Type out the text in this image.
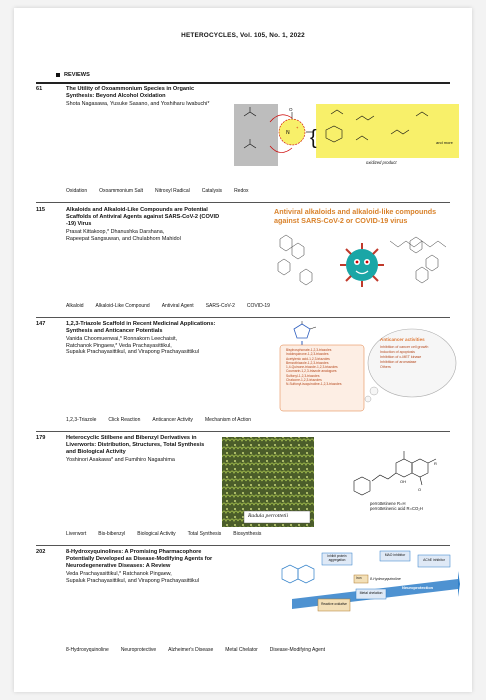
HETEROCYCLES, Vol. 105, No. 1, 2022
REVIEWS
61	The Utility of Oxoammonium Species in Organic
Synthesis: Beyond Alcohol Oxidation
Shota Nagasawa, Yusuke Sasano, and Yoshiharu Iwabuchi*
N
+
O
{
oxidized product
and more
Oxidation Oxoammonium Salt Nitroxyl Radical Catalysis Redox
115	Alkaloids and Alkaloid-Like Compounds are Potential
Scaffolds of Antiviral Agents against SARS-CoV-2 (COVID
-19) Virus
Prasat Kittakoop,* Dhanushka Darshana,
Rapeepat Sangsuwan, and Chulabhorn Mahidol
Antiviral alkaloids and alkaloid-like compounds
against SARS-CoV-2 or COVID-19 virus
Alkaloid Alkaloid-Like Compound Antiviral Agent SARS-CoV-2 COVID-19
147	1,2,3-Triazole Scaffold in Recent Medicinal Applications:
Synthesis and Anticancer Potentials
Vanida Choomuenwai,* Ronnakorn Leechaisit,
Ratchanok Pingaew,* Veda Prachayasittikul,
Supaluk Prachayasittikul, and Virapong Prachayasittikul	Bisphosphonate-1,2,3-triazoles
Indolequinone-1,2,3-triazoles
Acetylenic acid-1,2,3-triazoles
Benzothiazole-1,2,3-triazoles
1,4-Quinone-triazole-1,2,3-triazoles
Coumarin-1,2,3-triazole analogues
Sulfonyl-1,2,3-triazoles
Chalcone-1,2,3-triazoles
N-Sulfonyl-isoquinoline-1,2,3-triazoles
Anticancer activities
Inhibition of cancer cell growth
Induction of apoptosis
Inhibition of c-MET kinase
Inhibition of aromatase
Others
1,2,3-Triazole Click Reaction Anticancer Activity Mechanism of Action
179	Heterocyclic Stilbene and Bibenzyl Derivatives in
Liverworts: Distribution, Structures, Total Synthesis
and Biological Activity
Yoshinori Asakawa* and Fumihiro Nagashima
OH
O
R
Radula perrottetii
perrottetinene R=H
perrottetinenic acid R=CO₂H
Liverwort Bis-bibenzyl Biological Activity Total Synthesis Biosynthesis
202	8-Hydroxyquinolines: A Promising Pharmacophore
Potentially Developed as Disease-Modifying Agents for
Neurodegenerative Diseases: A Review
Veda Prachayasittikul,* Ratchanok Pingaew,
Supaluk Prachayasittikul, and Virapong Prachayasittikul
Inhibit protein aggregation
MAO inhibitor
AChE inhibitor
8-Hydroxyquinoline
Reactive oxidative
Metal chelation
Neuroprotection
Iron
8-Hydroxyquinoline Neuroprotective Alzheimer's Disease Metal Chelator Disease-Modifying Agent
